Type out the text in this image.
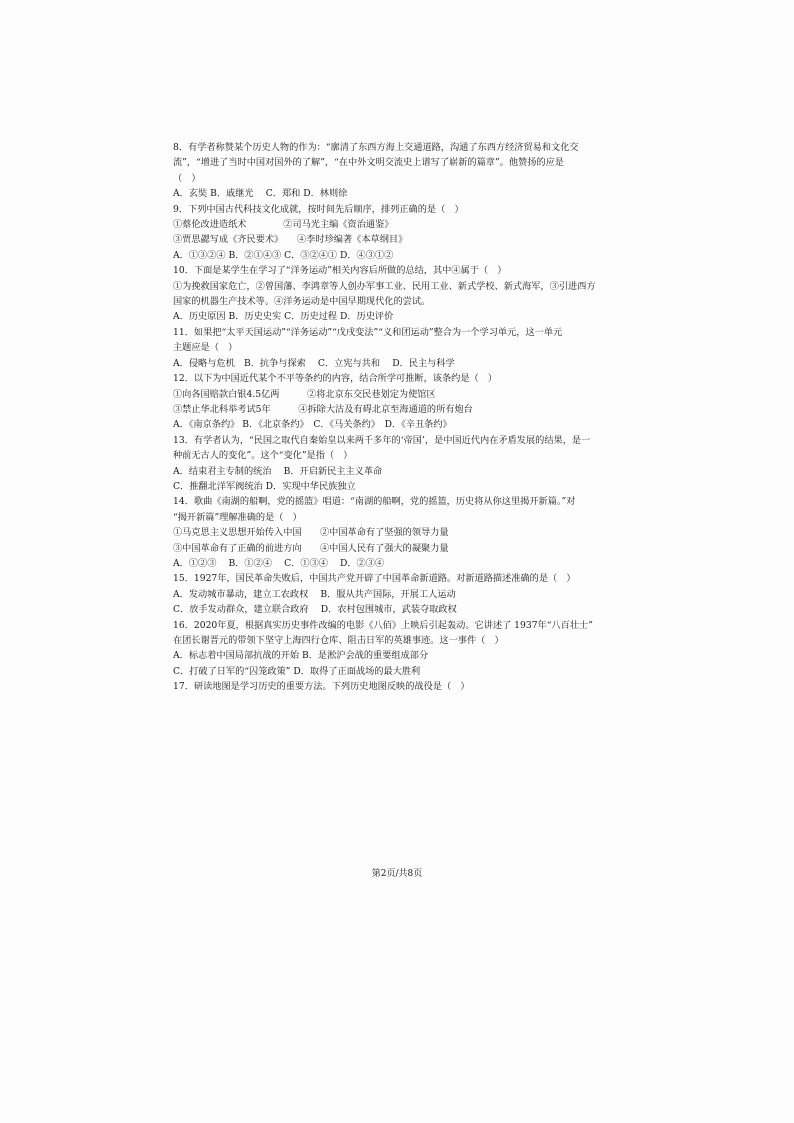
8．有学者称赞某个历史人物的作为：“廓清了东西方海上交通道路，沟通了东西方经济贸易和文化交
流”，“增进了当时中国对国外的了解”，“在中外文明交流史上谱写了崭新的篇章”。他赞扬的应是
（　）
A．玄奘 B．戚继光　 C．郑和 D．林则徐
9．下列中国古代科技文化成就，按时间先后顺序，排列正确的是（　）
①蔡伦改进造纸术　　　　②司马光主编《资治通鉴》
③贾思勰写成《齐民要术》　　④李时珍编著《本草纲目》
A．①③②④ B．②①④③ C．③②④① D．④③①②
10．下面是某学生在学习了“洋务运动”相关内容后所做的总结，其中④属于（　）
①为挽救国家危亡，②曾国藩、李鸿章等人创办军事工业、民用工业、新式学校、新式海军，③引进西方
国家的机器生产技术等。④洋务运动是中国早期现代化的尝试。
A．历史原因 B．历史史实 C．历史过程 D．历史评价
11．如果把“太平天国运动”“洋务运动”“戊戌变法”“义和团运动”整合为一个学习单元，这一单元
主题应是（　）
A．侵略与危机　B．抗争与探索　 C．立宪与共和　 D．民主与科学
12．以下为中国近代某个不平等条约的内容，结合所学可推断，该条约是（　）
①向各国赔款白银4.5亿两　　　②将北京东交民巷划定为使馆区
③禁止华北科举考试5年　　　④拆除大沽及有碍北京至海通道的所有炮台
A．《南京条约》 B．《北京条约》　C．《马关条约》　D．《辛丑条约》
13．有学者认为，“民国之取代自秦始皇以来两千多年的‘帝国’，是中国近代内在矛盾发展的结果，是一
种前无古人的变化”。这个“变化”是指（　）
A．结束君主专制的统治　 B．开启新民主主义革命
C．推翻北洋军阀统治 D．实现中华民族独立
14．歌曲《南湖的船啊，党的摇篮》唱道：“南湖的船啊，党的摇篮，历史将从你这里揭开新篇。”对
“揭开新篇”理解准确的是（　）
①马克思主义思想开始传入中国　　②中国革命有了坚强的领导力量
③中国革命有了正确的前进方向　　④中国人民有了强大的凝聚力量
A．①②③　 B．①②④　 C．①③④　 D．②③④
15．1927年，国民革命失败后，中国共产党开辟了中国革命新道路。对新道路描述准确的是（　）
A．发动城市暴动，建立工农政权　 B．服从共产国际，开展工人运动
C．放手发动群众，建立联合政府　 D．农村包围城市，武装夺取政权
16．2020年夏，根据真实历史事件改编的电影《八佰》上映后引起轰动。它讲述了 1937年“八百壮士”
在团长谢晋元的带领下坚守上海四行仓库、阻击日军的英雄事迹。这一事件（　）
A．标志着中国局部抗战的开始 B．是淞沪会战的重要组成部分
C．打破了日军的“囚笼政策” D．取得了正面战场的最大胜利
17．研读地图是学习历史的重要方法。下列历史地图反映的战役是（　）
第2页/共8页
